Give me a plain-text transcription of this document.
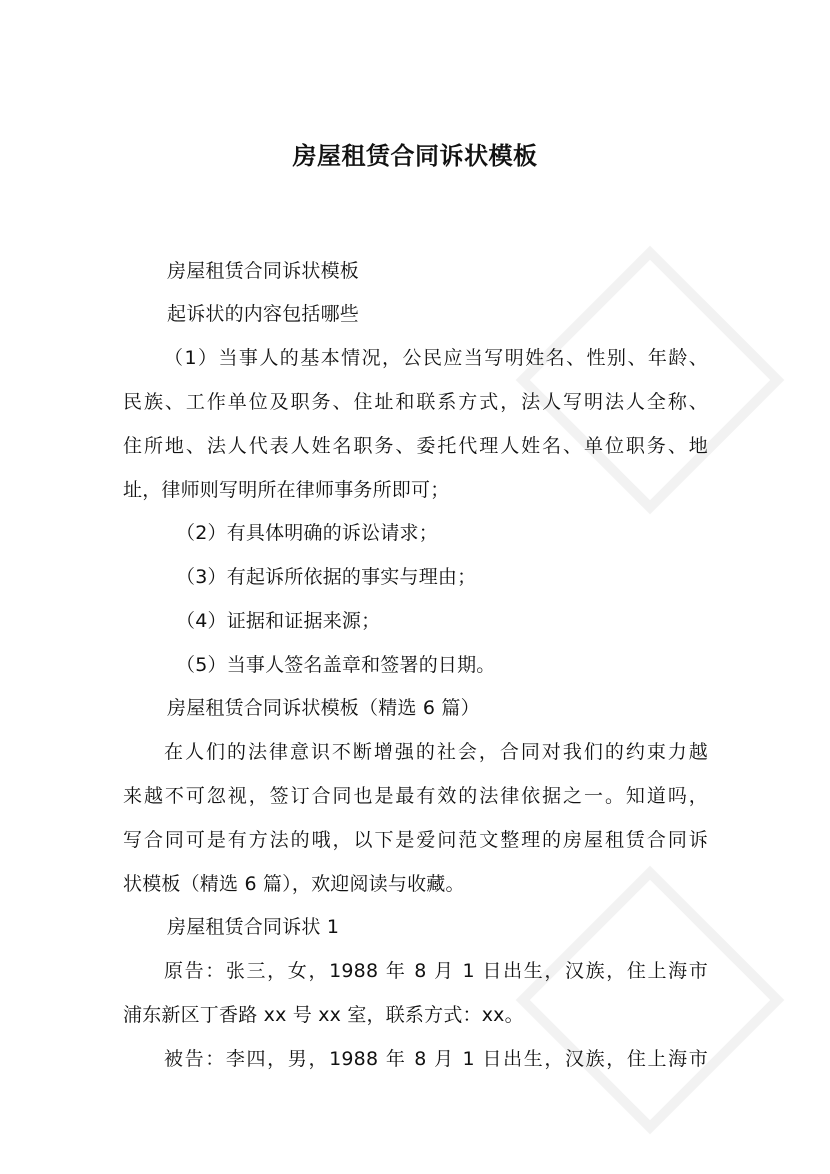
房屋租赁合同诉状模板
房屋租赁合同诉状模板
起诉状的内容包括哪些
（1）当事人的基本情况，公民应当写明姓名、性别、年龄、
民族、工作单位及职务、住址和联系方式，法人写明法人全称、
住所地、法人代表人姓名职务、委托代理人姓名、单位职务、地
址，律师则写明所在律师事务所即可；
（2）有具体明确的诉讼请求；
（3）有起诉所依据的事实与理由；
（4）证据和证据来源；
（5）当事人签名盖章和签署的日期。
房屋租赁合同诉状模板（精选 6 篇）
在人们的法律意识不断增强的社会，合同对我们的约束力越
来越不可忽视，签订合同也是最有效的法律依据之一。知道吗，
写合同可是有方法的哦，以下是爱问范文整理的房屋租赁合同诉
状模板（精选 6 篇），欢迎阅读与收藏。
房屋租赁合同诉状 1
原告：张三，女，1988 年 8 月 1 日出生，汉族，住上海市
浦东新区丁香路 xx 号 xx 室，联系方式：xx。
被告：李四，男，1988 年 8 月 1 日出生，汉族，住上海市
